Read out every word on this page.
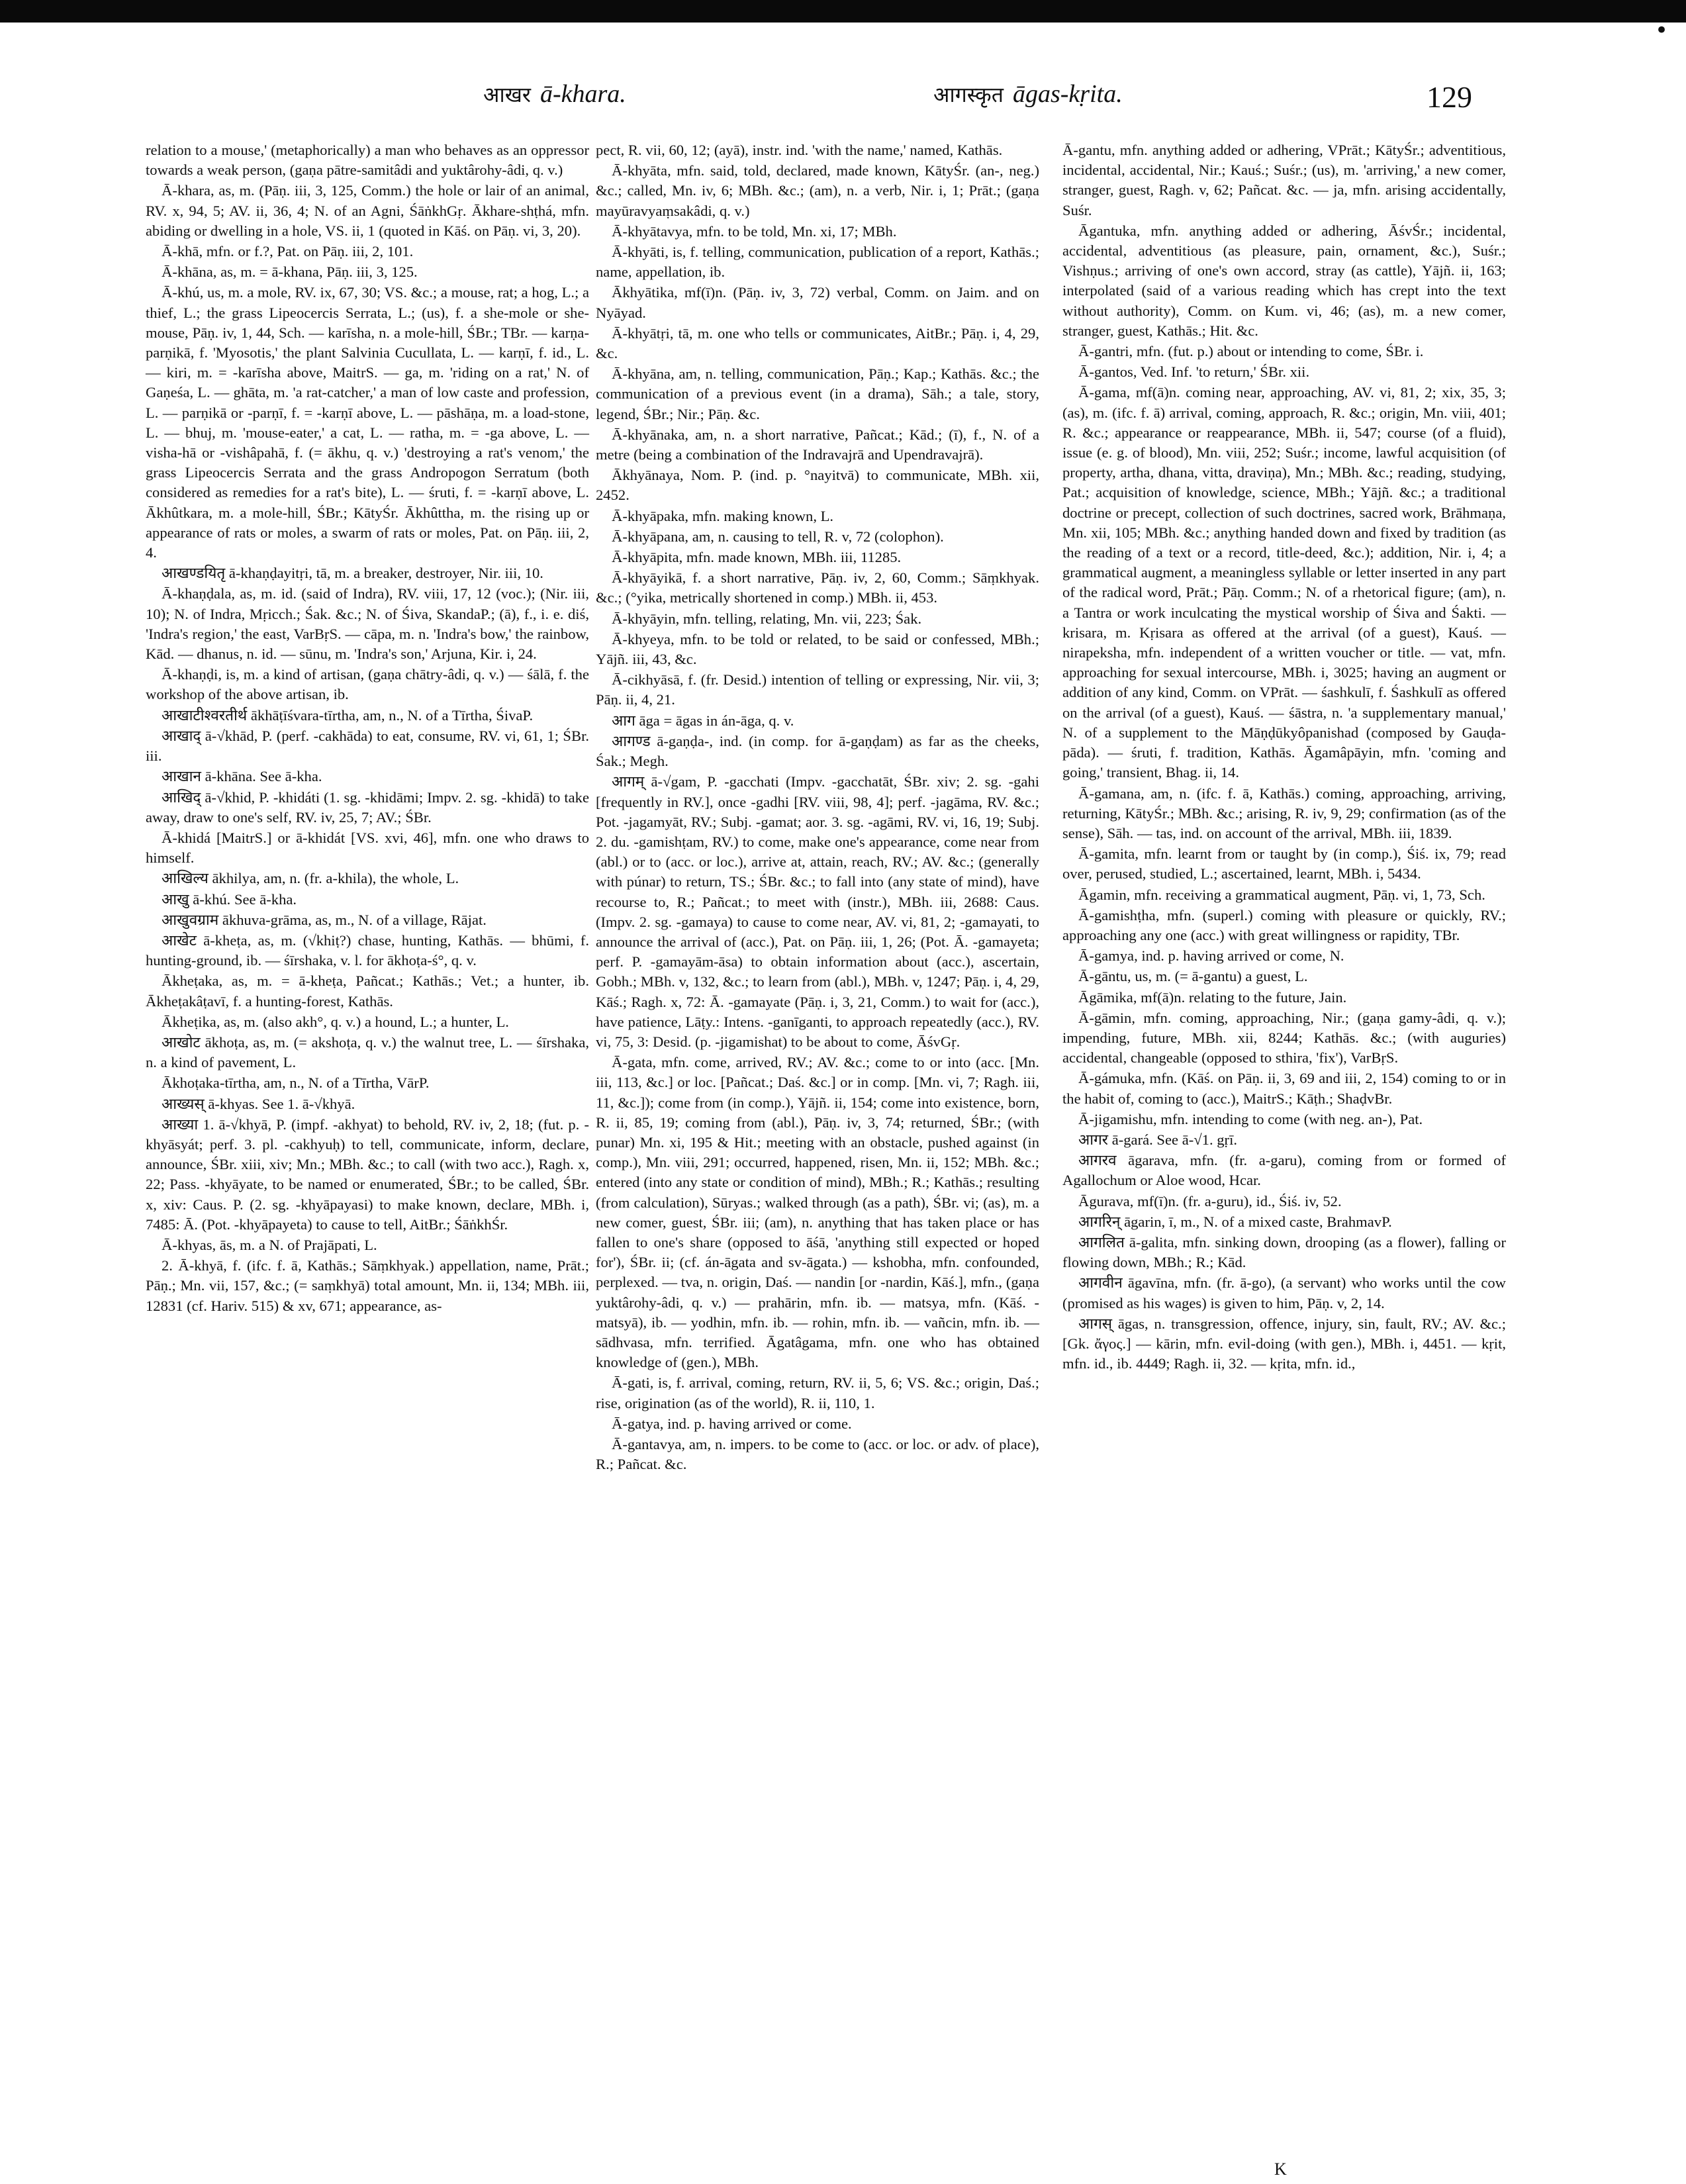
•
आखर ā-khara.	आगस्कृत āgas-kṛita.	129

relation to a mouse,' (metaphorically) a man who behaves as an oppressor towards a weak person, (gaṇa pātre-samitâdi and yuktârohy-âdi, q. v.)

Ā-khara, as, m. (Pāṇ. iii, 3, 125, Comm.) the hole or lair of an animal, RV. x, 94, 5; AV. ii, 36, 4; N. of an Agni, ŚāṅkhGṛ. Ākhare-shṭhá, mfn. abiding or dwelling in a hole, VS. ii, 1 (quoted in Kāś. on Pāṇ. vi, 3, 20).

Ā-khā, mfn. or f.?, Pat. on Pāṇ. iii, 2, 101.

Ā-khāna, as, m. = ā-khana, Pāṇ. iii, 3, 125.

Ā-khú, us, m. a mole, RV. ix, 67, 30; VS. &c.; a mouse, rat; a hog, L.; a thief, L.; the grass Lipeocercis Serrata, L.; (us), f. a she-mole or she-mouse, Pāṇ. iv, 1, 44, Sch. — karīsha, n. a mole-hill, ŚBr.; TBr. — karṇa-parṇikā, f. 'Myosotis,' the plant Salvinia Cucullata, L. — karṇī, f. id., L. — kiri, m. = -karīsha above, MaitrS. — ga, m. 'riding on a rat,' N. of Gaṇeśa, L. — ghāta, m. 'a rat-catcher,' a man of low caste and profession, L. — parṇikā or -parṇī, f. = -karṇī above, L. — pāshāṇa, m. a load-stone, L. — bhuj, m. 'mouse-eater,' a cat, L. — ratha, m. = -ga above, L. — visha-hā or -vishâpahā, f. (= ākhu, q. v.) 'destroying a rat's venom,' the grass Lipeocercis Serrata and the grass Andropogon Serratum (both considered as remedies for a rat's bite), L. — śruti, f. = -karṇī above, L. Ākhûtkara, m. a mole-hill, ŚBr.; KātyŚr. Ākhûttha, m. the rising up or appearance of rats or moles, a swarm of rats or moles, Pat. on Pāṇ. iii, 2, 4.

आखण्डयितृ ā-khaṇḍayitṛi, tā, m. a breaker, destroyer, Nir. iii, 10.

Ā-khaṇḍala, as, m. id. (said of Indra), RV. viii, 17, 12 (voc.); (Nir. iii, 10); N. of Indra, Mṛicch.; Śak. &c.; N. of Śiva, SkandaP.; (ā), f., i. e. diś, 'Indra's region,' the east, VarBṛS. — cāpa, m. n. 'Indra's bow,' the rainbow, Kād. — dhanus, n. id. — sūnu, m. 'Indra's son,' Arjuna, Kir. i, 24.

Ā-khaṇḍi, is, m. a kind of artisan, (gaṇa chātry-âdi, q. v.) — śālā, f. the workshop of the above artisan, ib.

आखाटीश्वरतीर्थ ākhāṭīśvara-tīrtha, am, n., N. of a Tīrtha, ŚivaP.

आखाद् ā-√khād, P. (perf. -cakhāda) to eat, consume, RV. vi, 61, 1; ŚBr. iii.

आखान ā-khāna. See ā-kha.

आखिद् ā-√khid, P. -khidáti (1. sg. -khidāmi; Impv. 2. sg. -khidā) to take away, draw to one's self, RV. iv, 25, 7; AV.; ŚBr.

Ā-khidá [MaitrS.] or ā-khidát [VS. xvi, 46], mfn. one who draws to himself.

आखिल्य ākhilya, am, n. (fr. a-khila), the whole, L.

आखु ā-khú. See ā-kha.

आखुवग्राम ākhuva-grāma, as, m., N. of a village, Rājat.

आखेट ā-kheṭa, as, m. (√khiṭ?) chase, hunting, Kathās. — bhūmi, f. hunting-ground, ib. — śīrshaka, v. l. for ākhoṭa-ś°, q. v.

Ākheṭaka, as, m. = ā-kheṭa, Pañcat.; Kathās.; Vet.; a hunter, ib. Ākheṭakâṭavī, f. a hunting-forest, Kathās.

Ākheṭika, as, m. (also akh°, q. v.) a hound, L.; a hunter, L.

आखोट ākhoṭa, as, m. (= akshoṭa, q. v.) the walnut tree, L. — śīrshaka, n. a kind of pavement, L.

Ākhoṭaka-tīrtha, am, n., N. of a Tīrtha, VārP.

आख्यस् ā-khyas. See 1. ā-√khyā.

आख्या 1. ā-√khyā, P. (impf. -akhyat) to behold, RV. iv, 2, 18; (fut. p. -khyāsyát; perf. 3. pl. -cakhyuḥ) to tell, communicate, inform, declare, announce, ŚBr. xiii, xiv; Mn.; MBh. &c.; to call (with two acc.), Ragh. x, 22; Pass. -khyāyate, to be named or enumerated, ŚBr.; to be called, ŚBr. x, xiv: Caus. P. (2. sg. -khyāpayasi) to make known, declare, MBh. i, 7485: Ā. (Pot. -khyāpayeta) to cause to tell, AitBr.; ŚāṅkhŚr.

Ā-khyas, ās, m. a N. of Prajāpati, L.

2. Ā-khyā, f. (ifc. f. ā, Kathās.; Sāṃkhyak.) appellation, name, Prāt.; Pāṇ.; Mn. vii, 157, &c.; (= saṃkhyā) total amount, Mn. ii, 134; MBh. iii, 12831 (cf. Hariv. 515) & xv, 671; appearance, as-

pect, R. vii, 60, 12; (ayā), instr. ind. 'with the name,' named, Kathās.

Ā-khyāta, mfn. said, told, declared, made known, KātyŚr. (an-, neg.) &c.; called, Mn. iv, 6; MBh. &c.; (am), n. a verb, Nir. i, 1; Prāt.; (gaṇa mayūravyaṃsakâdi, q. v.)

Ā-khyātavya, mfn. to be told, Mn. xi, 17; MBh.

Ā-khyāti, is, f. telling, communication, publication of a report, Kathās.; name, appellation, ib.

Ākhyātika, mf(ī)n. (Pāṇ. iv, 3, 72) verbal, Comm. on Jaim. and on Nyāyad.

Ā-khyātṛi, tā, m. one who tells or communicates, AitBr.; Pāṇ. i, 4, 29, &c.

Ā-khyāna, am, n. telling, communication, Pāṇ.; Kap.; Kathās. &c.; the communication of a previous event (in a drama), Sāh.; a tale, story, legend, ŚBr.; Nir.; Pāṇ. &c.

Ā-khyānaka, am, n. a short narrative, Pañcat.; Kād.; (ī), f., N. of a metre (being a combination of the Indravajrā and Upendravajrā).

Ākhyānaya, Nom. P. (ind. p. °nayitvā) to communicate, MBh. xii, 2452.

Ā-khyāpaka, mfn. making known, L.

Ā-khyāpana, am, n. causing to tell, R. v, 72 (colophon).

Ā-khyāpita, mfn. made known, MBh. iii, 11285.

Ā-khyāyikā, f. a short narrative, Pāṇ. iv, 2, 60, Comm.; Sāṃkhyak. &c.; (°yika, metrically shortened in comp.) MBh. ii, 453.

Ā-khyāyin, mfn. telling, relating, Mn. vii, 223; Śak.

Ā-khyeya, mfn. to be told or related, to be said or confessed, MBh.; Yājñ. iii, 43, &c.

Ā-cikhyāsā, f. (fr. Desid.) intention of telling or expressing, Nir. vii, 3; Pāṇ. ii, 4, 21.

आग āga = āgas in án-āga, q. v.

आगण्ड ā-gaṇḍa-, ind. (in comp. for ā-gaṇḍam) as far as the cheeks, Śak.; Megh.

आगम् ā-√gam, P. -gacchati (Impv. -gacchatāt, ŚBr. xiv; 2. sg. -gahi [frequently in RV.], once -gadhi [RV. viii, 98, 4]; perf. -jagāma, RV. &c.; Pot. -jagamyāt, RV.; Subj. -gamat; aor. 3. sg. -agāmi, RV. vi, 16, 19; Subj. 2. du. -gamishṭam, RV.) to come, make one's appearance, come near from (abl.) or to (acc. or loc.), arrive at, attain, reach, RV.; AV. &c.; (generally with púnar) to return, TS.; ŚBr. &c.; to fall into (any state of mind), have recourse to, R.; Pañcat.; to meet with (instr.), MBh. iii, 2688: Caus. (Impv. 2. sg. -gamaya) to cause to come near, AV. vi, 81, 2; -gamayati, to announce the arrival of (acc.), Pat. on Pāṇ. iii, 1, 26; (Pot. Ā. -gamayeta; perf. P. -gamayām-āsa) to obtain information about (acc.), ascertain, Gobh.; MBh. v, 132, &c.; to learn from (abl.), MBh. v, 1247; Pāṇ. i, 4, 29, Kāś.; Ragh. x, 72: Ā. -gamayate (Pāṇ. i, 3, 21, Comm.) to wait for (acc.), have patience, Lāṭy.: Intens. -ganīganti, to approach repeatedly (acc.), RV. vi, 75, 3: Desid. (p. -jigamishat) to be about to come, ĀśvGṛ.

Ā-gata, mfn. come, arrived, RV.; AV. &c.; come to or into (acc. [Mn. iii, 113, &c.] or loc. [Pañcat.; Daś. &c.] or in comp. [Mn. vi, 7; Ragh. iii, 11, &c.]); come from (in comp.), Yājñ. ii, 154; come into existence, born, R. ii, 85, 19; coming from (abl.), Pāṇ. iv, 3, 74; returned, ŚBr.; (with punar) Mn. xi, 195 & Hit.; meeting with an obstacle, pushed against (in comp.), Mn. viii, 291; occurred, happened, risen, Mn. ii, 152; MBh. &c.; entered (into any state or condition of mind), MBh.; R.; Kathās.; resulting (from calculation), Sūryas.; walked through (as a path), ŚBr. vi; (as), m. a new comer, guest, ŚBr. iii; (am), n. anything that has taken place or has fallen to one's share (opposed to āśā, 'anything still expected or hoped for'), ŚBr. ii; (cf. án-āgata and sv-āgata.) — kshobha, mfn. confounded, perplexed. — tva, n. origin, Daś. — nandin [or -nardin, Kāś.], mfn., (gaṇa yuktârohy-âdi, q. v.) — prahārin, mfn. ib. — matsya, mfn. (Kāś. -matsyā), ib. — yodhin, mfn. ib. — rohin, mfn. ib. — vañcin, mfn. ib. — sādhvasa, mfn. terrified. Āgatâgama, mfn. one who has obtained knowledge of (gen.), MBh.

Ā-gati, is, f. arrival, coming, return, RV. ii, 5, 6; VS. &c.; origin, Daś.; rise, origination (as of the world), R. ii, 110, 1.

Ā-gatya, ind. p. having arrived or come.

Ā-gantavya, am, n. impers. to be come to (acc. or loc. or adv. of place), R.; Pañcat. &c.

Ā-gantu, mfn. anything added or adhering, VPrāt.; KātyŚr.; adventitious, incidental, accidental, Nir.; Kauś.; Suśr.; (us), m. 'arriving,' a new comer, stranger, guest, Ragh. v, 62; Pañcat. &c. — ja, mfn. arising accidentally, Suśr.

Āgantuka, mfn. anything added or adhering, ĀśvŚr.; incidental, accidental, adventitious (as pleasure, pain, ornament, &c.), Suśr.; Vishṇus.; arriving of one's own accord, stray (as cattle), Yājñ. ii, 163; interpolated (said of a various reading which has crept into the text without authority), Comm. on Kum. vi, 46; (as), m. a new comer, stranger, guest, Kathās.; Hit. &c.

Ā-gantri, mfn. (fut. p.) about or intending to come, ŚBr. i.

Ā-gantos, Ved. Inf. 'to return,' ŚBr. xii.

Ā-gama, mf(ā)n. coming near, approaching, AV. vi, 81, 2; xix, 35, 3; (as), m. (ifc. f. ā) arrival, coming, approach, R. &c.; origin, Mn. viii, 401; R. &c.; appearance or reappearance, MBh. ii, 547; course (of a fluid), issue (e. g. of blood), Mn. viii, 252; Suśr.; income, lawful acquisition (of property, artha, dhana, vitta, draviṇa), Mn.; MBh. &c.; reading, studying, Pat.; acquisition of knowledge, science, MBh.; Yājñ. &c.; a traditional doctrine or precept, collection of such doctrines, sacred work, Brāhmaṇa, Mn. xii, 105; MBh. &c.; anything handed down and fixed by tradition (as the reading of a text or a record, title-deed, &c.); addition, Nir. i, 4; a grammatical augment, a meaningless syllable or letter inserted in any part of the radical word, Prāt.; Pāṇ. Comm.; N. of a rhetorical figure; (am), n. a Tantra or work inculcating the mystical worship of Śiva and Śakti. — krisara, m. Kṛisara as offered at the arrival (of a guest), Kauś. — nirapeksha, mfn. independent of a written voucher or title. — vat, mfn. approaching for sexual intercourse, MBh. i, 3025; having an augment or addition of any kind, Comm. on VPrāt. — śashkulī, f. Śashkulī as offered on the arrival (of a guest), Kauś. — śāstra, n. 'a supplementary manual,' N. of a supplement to the Māṇḍūkyôpanishad (composed by Gauḍa-pāda). — śruti, f. tradition, Kathās. Āgamâpāyin, mfn. 'coming and going,' transient, Bhag. ii, 14.

Ā-gamana, am, n. (ifc. f. ā, Kathās.) coming, approaching, arriving, returning, KātyŚr.; MBh. &c.; arising, R. iv, 9, 29; confirmation (as of the sense), Sāh. — tas, ind. on account of the arrival, MBh. iii, 1839.

Ā-gamita, mfn. learnt from or taught by (in comp.), Śiś. ix, 79; read over, perused, studied, L.; ascertained, learnt, MBh. i, 5434.

Āgamin, mfn. receiving a grammatical augment, Pāṇ. vi, 1, 73, Sch.

Ā-gamishṭha, mfn. (superl.) coming with pleasure or quickly, RV.; approaching any one (acc.) with great willingness or rapidity, TBr.

Ā-gamya, ind. p. having arrived or come, N.

Ā-gāntu, us, m. (= ā-gantu) a guest, L.

Āgāmika, mf(ā)n. relating to the future, Jain.

Ā-gāmin, mfn. coming, approaching, Nir.; (gaṇa gamy-âdi, q. v.); impending, future, MBh. xii, 8244; Kathās. &c.; (with auguries) accidental, changeable (opposed to sthira, 'fix'), VarBṛS.

Ā-gámuka, mfn. (Kāś. on Pāṇ. ii, 3, 69 and iii, 2, 154) coming to or in the habit of, coming to (acc.), MaitrS.; Kāṭh.; ShaḍvBr.

Ā-jigamishu, mfn. intending to come (with neg. an-), Pat.

आगर ā-gará. See ā-√1. gṛī.

आगरव āgarava, mfn. (fr. a-garu), coming from or formed of Agallochum or Aloe wood, Hcar.

Āgurava, mf(ī)n. (fr. a-guru), id., Śiś. iv, 52.

आगरिन् āgarin, ī, m., N. of a mixed caste, BrahmavP.

आगलित ā-galita, mfn. sinking down, drooping (as a flower), falling or flowing down, MBh.; R.; Kād.

आगवीन āgavīna, mfn. (fr. ā-go), (a servant) who works until the cow (promised as his wages) is given to him, Pāṇ. v, 2, 14.

आगस् āgas, n. transgression, offence, injury, sin, fault, RV.; AV. &c.; [Gk. ἄγος.] — kārin, mfn. evil-doing (with gen.), MBh. i, 4451. — kṛit, mfn. id., ib. 4449; Ragh. ii, 32. — kṛita, mfn. id.,

K
